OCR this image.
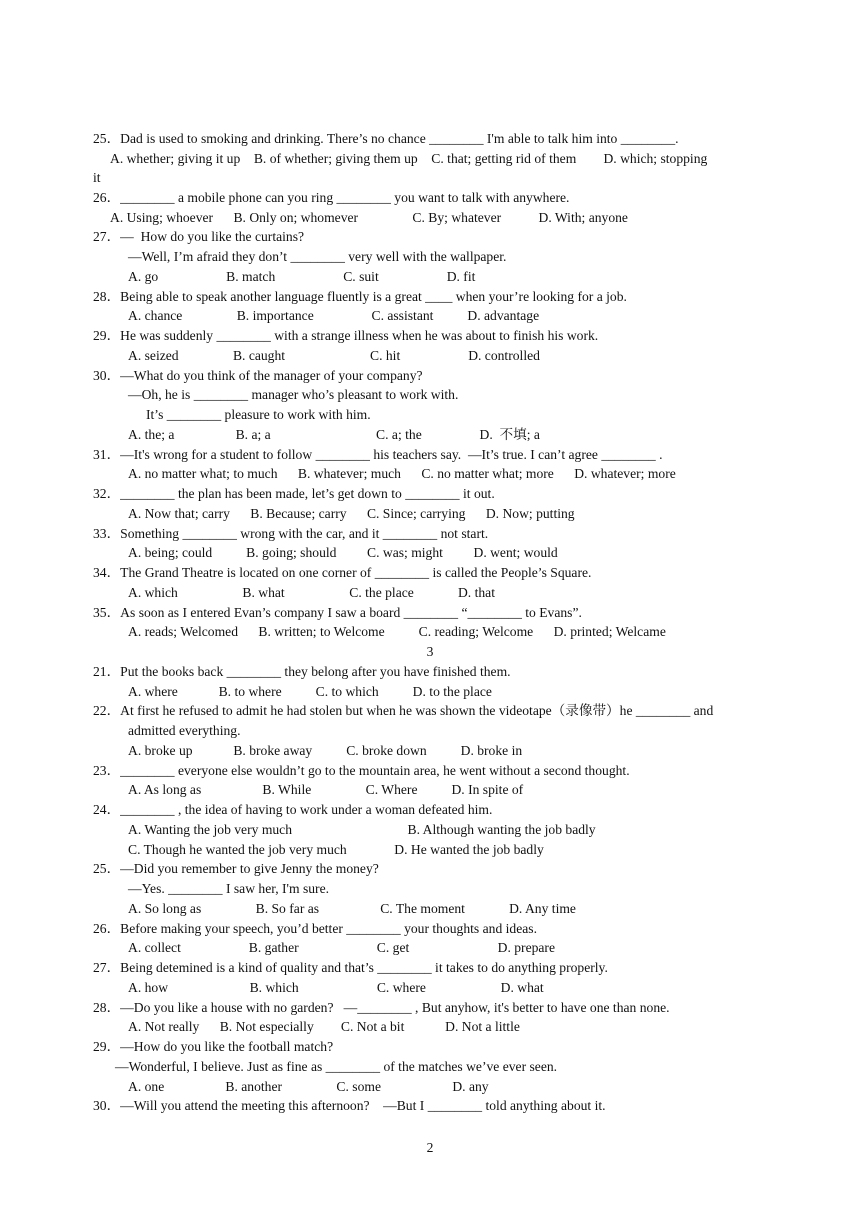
25．Dad is used to smoking and drinking. There’s no chance ________ I'm able to talk him into ________.
A. whether; giving it up    B. of whether; giving them up    C. that; getting rid of them        D. which; stopping
it
26．________ a mobile phone can you ring ________ you want to talk with anywhere.
A. Using; whoever      B. Only on; whomever                C. By; whatever           D. With; anyone
27．—  How do you like the curtains?
—Well, I’m afraid they don’t ________ very well with the wallpaper.
A. go                    B. match                    C. suit                    D. fit
28．Being able to speak another language fluently is a great ____ when your’re looking for a job.
A. chance                B. importance                 C. assistant          D. advantage
29．He was suddenly ________ with a strange illness when he was about to finish his work.
A. seized                B. caught                         C. hit                    D. controlled
30．—What do you think of the manager of your company?
—Oh, he is ________ manager who’s pleasant to work with.
It’s ________ pleasure to work with him.
A. the; a                  B. a; a                               C. a; the                 D.  不填; a
31．—It's wrong for a student to follow ________ his teachers say.  —It’s true. I can’t agree ________ .
A. no matter what; to much      B. whatever; much      C. no matter what; more      D. whatever; more
32．________ the plan has been made, let’s get down to ________ it out.
A. Now that; carry      B. Because; carry      C. Since; carrying      D. Now; putting
33．Something ________ wrong with the car, and it ________ not start.
A. being; could          B. going; should         C. was; might         D. went; would
34．The Grand Theatre is located on one corner of ________ is called the People’s Square.
A. which                   B. what                   C. the place             D. that
35．As soon as I entered Evan’s company I saw a board ________ “________ to Evans”.
A. reads; Welcomed      B. written; to Welcome          C. reading; Welcome      D. printed; Welcame
3
21．Put the books back ________ they belong after you have finished them.
A. where            B. to where          C. to which          D. to the place
22．At first he refused to admit he had stolen but when he was shown the videotape（录像带）he ________ and
admitted everything.
A. broke up            B. broke away          C. broke down          D. broke in
23．________ everyone else wouldn’t go to the mountain area, he went without a second thought.
A. As long as                  B. While                C. Where          D. In spite of
24．________ , the idea of having to work under a woman defeated him.
A. Wanting the job very much                                  B. Although wanting the job badly
C. Though he wanted the job very much              D. He wanted the job badly
25．—Did you remember to give Jenny the money?
—Yes. ________ I saw her, I'm sure.
A. So long as                B. So far as                  C. The moment             D. Any time
26．Before making your speech, you’d better ________ your thoughts and ideas.
A. collect                    B. gather                       C. get                          D. prepare
27．Being detemined is a kind of quality and that’s ________ it takes to do anything properly.
A. how                        B. which                       C. where                      D. what
28．—Do you like a house with no garden?   —________ , But anyhow, it's better to have one than none.
A. Not really      B. Not especially        C. Not a bit            D. Not a little
29．—How do you like the football match?
—Wonderful, I believe. Just as fine as ________ of the matches we’ve ever seen.
A. one                  B. another                C. some                     D. any
30．—Will you attend the meeting this afternoon?    —But I ________ told anything about it.
2
